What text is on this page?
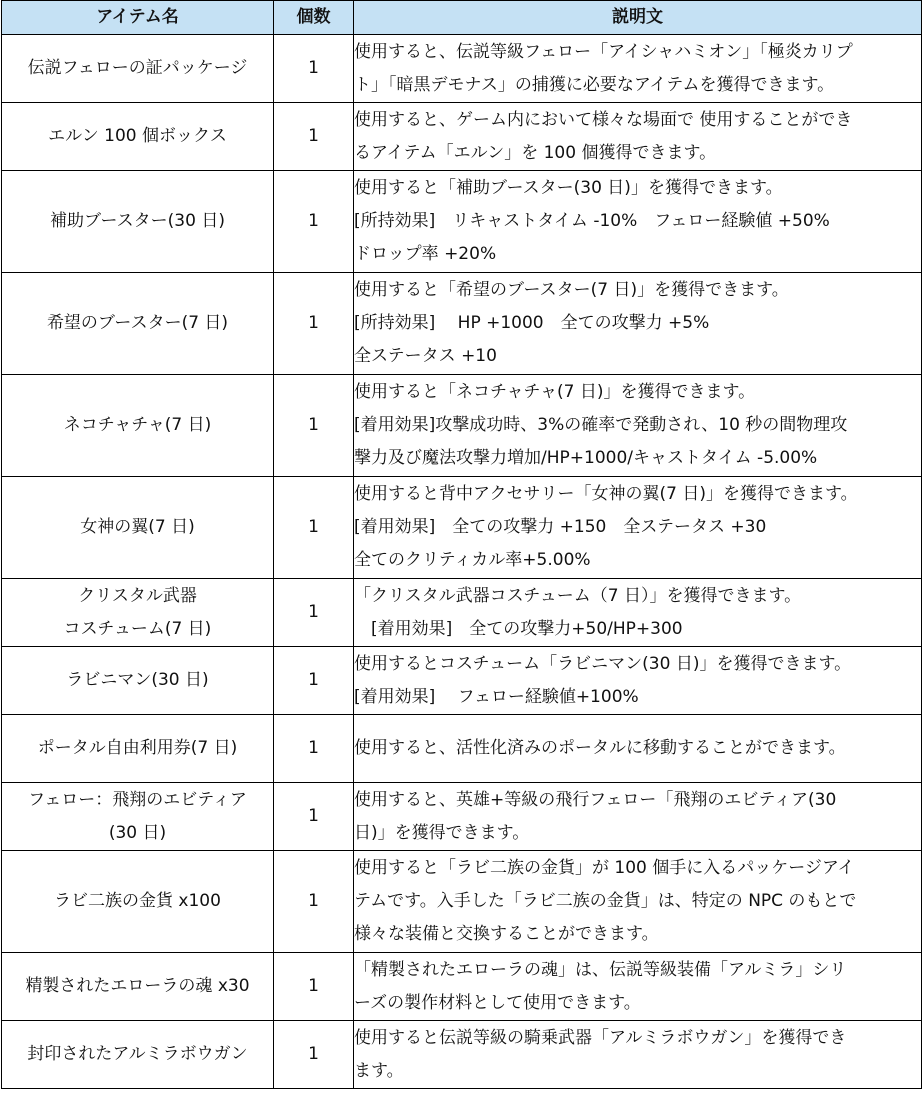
アイテム名	個数	説明文

伝説フェローの証パッケージ	1	使用すると、伝説等級フェロー「アイシャハミオン」「極炎カリプ
ト」「暗黒デモナス」の捕獲に必要なアイテムを獲得できます。

エルン 100 個ボックス	1	使用すると、ゲーム内において様々な場面で 使用することができ
るアイテム「エルン」を 100 個獲得できます。

補助ブースター(30 日)	1	使用すると「補助ブースター(30 日)」を獲得できます。
[所持効果]　リキャストタイム -10%　フェロー経験値 +50%
ドロップ率 +20%

希望のブースター(7 日)	1	使用すると「希望のブースター(7 日)」を獲得できます。
[所持効果]　 HP +1000　全ての攻撃力 +5%
全ステータス +10

ネコチャチャ(7 日)	1	使用すると「ネコチャチャ(7 日)」を獲得できます。
[着用効果]攻撃成功時、3%の確率で発動され、10 秒の間物理攻
撃力及び魔法攻撃力増加/HP+1000/キャストタイム -5.00%

女神の翼(7 日)	1	使用すると背中アクセサリー「女神の翼(7 日)」を獲得できます。
[着用効果]　全ての攻撃力 +150　全ステータス +30
全てのクリティカル率+5.00%

クリスタル武器
コスチューム(7 日)	1	「クリスタル武器コスチューム（7 日）」を獲得できます。
　[着用効果]　全ての攻撃力+50/HP+300

ラビニマン(30 日)	1	使用するとコスチューム「ラビニマン(30 日)」を獲得できます。
[着用効果]　 フェロー経験値+100%

ポータル自由利用券(7 日)	1	使用すると、活性化済みのポータルに移動することができます。

フェロー：飛翔のエビティア
(30 日)	1	使用すると、英雄+等級の飛行フェロー「飛翔のエビティア(30
日)」を獲得できます。

ラビ二族の金貨 x100	1	使用すると「ラビ二族の金貨」が 100 個手に入るパッケージアイ
テムです。入手した「ラビ二族の金貨」は、特定の NPC のもとで
様々な装備と交換することができます。

精製されたエローラの魂 x30	1	「精製されたエローラの魂」は、伝説等級装備「アルミラ」シリ
ーズの製作材料として使用できます。

封印されたアルミラボウガン	1	使用すると伝説等級の騎乗武器「アルミラボウガン」を獲得でき
ます。
